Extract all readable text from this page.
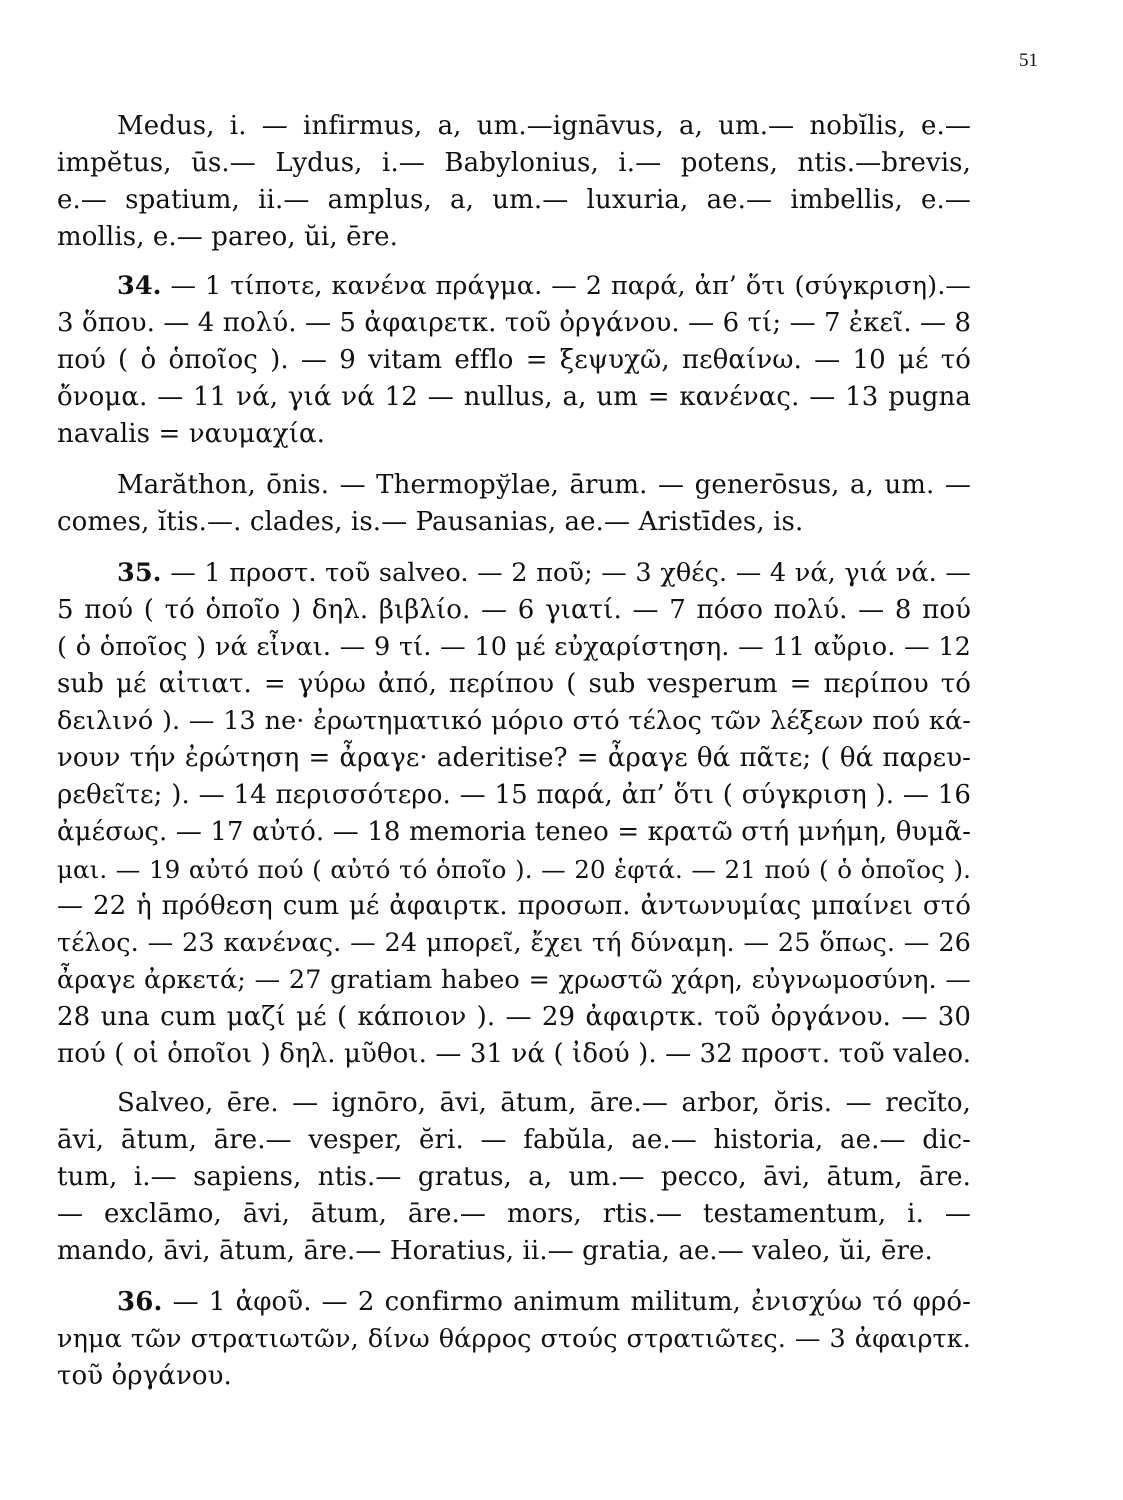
51
Medus, i. — infirmus, a, um.—ignāvus, a, um.— nobĭlis, e.—
impĕtus, ūs.— Lydus, i.— Babylonius, i.— potens, ntis.—brevis,
e.— spatium, ii.— amplus, a, um.— luxuria, ae.— imbellis, e.—
mollis, e.— pareo, ŭi, ēre.
34. — 1 τίποτε, κανένα πράγμα. — 2 παρά, ἀπ’ ὅτι (σύγκριση).—
3 ὅπου. — 4 πολύ. — 5 ἀφαιρετκ. τοῦ ὀργάνου. — 6 τί; — 7 ἐκεῖ. — 8
πού ( ὁ ὁποῖος ). — 9 vitam efflo = ξεψυχῶ, πεθαίνω. — 10 μέ τό
ὄνομα. — 11 νά, γιά νά 12 — nullus, a, um = κανένας. — 13 pugna
navalis = ναυμαχία.
Marăthon, ōnis. — Thermopўlae, ārum. — generōsus, a, um. —
comes, ĭtis.—. clades, is.— Pausanias, ae.— Aristīdes, is.
35. — 1 προστ. τοῦ salveo. — 2 ποῦ; — 3 χθές. — 4 νά, γιά νά. —
5 πού ( τό ὁποῖο ) δηλ. βιβλίο. — 6 γιατί. — 7 πόσο πολύ. — 8 πού
( ὁ ὁποῖος ) νά εἶναι. — 9 τί. — 10 μέ εὐχαρίστηση. — 11 αὔριο. — 12
sub μέ αἰτιατ. = γύρω ἀπό, περίπου ( sub vesperum = περίπου τό
δειλινό ). — 13 ne· ἐρωτηματικό μόριο στό τέλος τῶν λέξεων πού κά-
νουν τήν ἐρώτηση = ἆραγε· aderitise? = ἆραγε θά πᾶτε; ( θά παρευ-
ρεθεῖτε; ). — 14 περισσότερο. — 15 παρά, ἀπ’ ὅτι ( σύγκριση ). — 16
ἀμέσως. — 17 αὐτό. — 18 memoria teneo = κρατῶ στή μνήμη, θυμᾶ-
μαι. — 19 αὐτό πού ( αὐτό τό ὁποῖο ). — 20 ἑφτά. — 21 πού ( ὁ ὁποῖος ).
— 22 ἡ πρόθεση cum μέ ἀφαιρτκ. προσωπ. ἀντωνυμίας μπαίνει στό
τέλος. — 23 κανένας. — 24 μπορεῖ, ἔχει τή δύναμη. — 25 ὅπως. — 26
ἆραγε ἀρκετά; — 27 gratiam habeo = χρωστῶ χάρη, εὐγνωμοσύνη. —
28 una cum μαζί μέ ( κάποιον ). — 29 ἀφαιρτκ. τοῦ ὀργάνου. — 30
πού ( οἱ ὁποῖοι ) δηλ. μῦθοι. — 31 νά ( ἰδού ). — 32 προστ. τοῦ valeo.
Salveo, ēre. — ignōro, āvi, ātum, āre.— arbor, ŏris. — recĭto,
āvi, ātum, āre.— vesper, ĕri. — fabŭla, ae.— historia, ae.— dic-
tum, i.— sapiens, ntis.— gratus, a, um.— pecco, āvi, ātum, āre.
— exclāmo, āvi, ātum, āre.— mors, rtis.— testamentum, i. —
mando, āvi, ātum, āre.— Horatius, ii.— gratia, ae.— valeo, ŭi, ēre.
36. — 1 ἀφοῦ. — 2 confirmo animum militum, ἐνισχύω τό φρό-
νημα τῶν στρατιωτῶν, δίνω θάρρος στούς στρατιῶτες. — 3 ἀφαιρτκ.
τοῦ ὀργάνου.
